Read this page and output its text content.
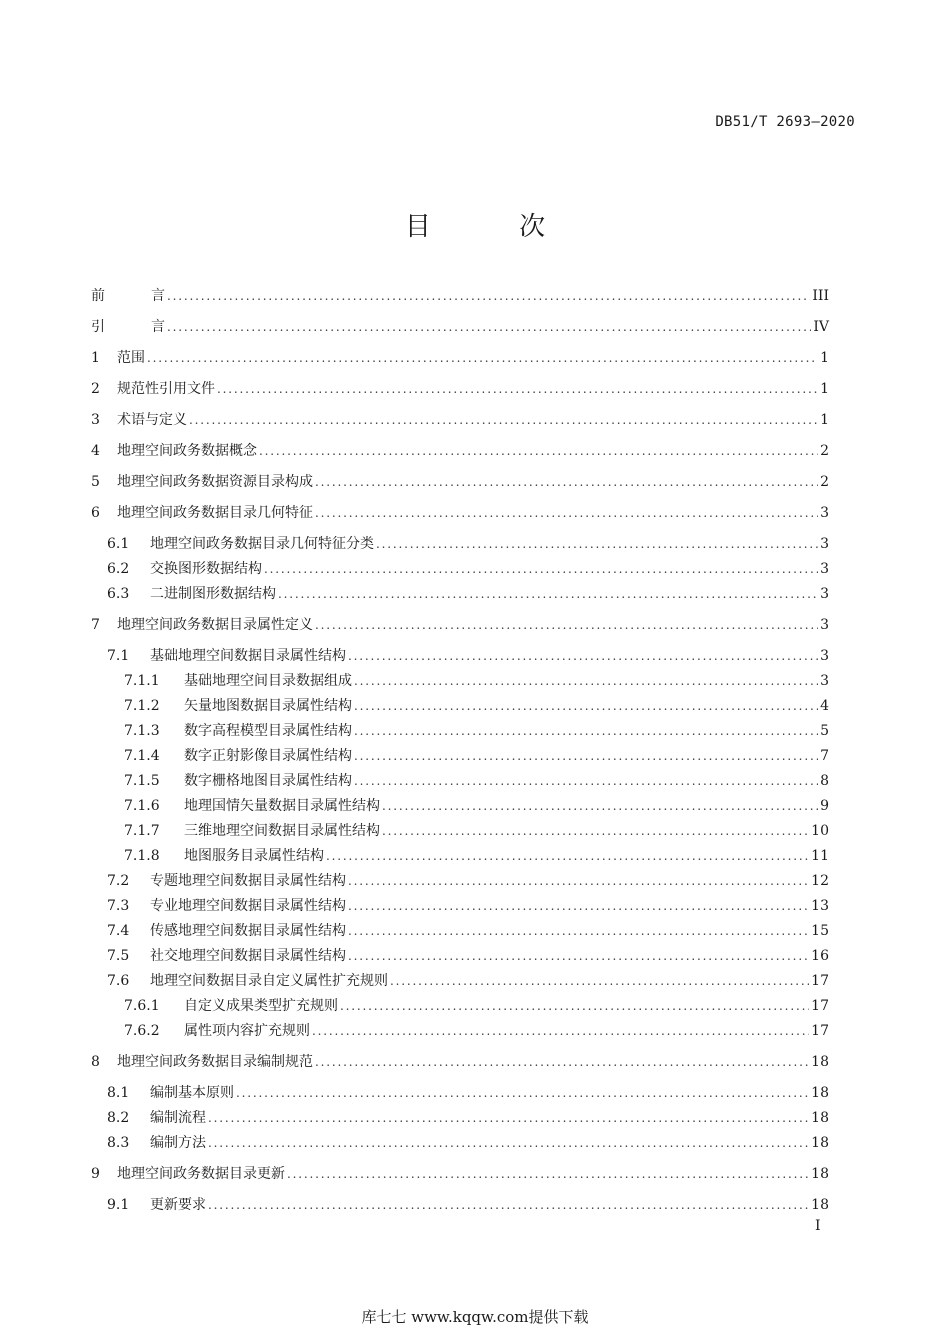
DB51/T 2693—2020
目 次
前	言 . . .	III
引	言 . . .	IV
1	范围 . . .	1
2	规范性引用文件 . . .	1
3	术语与定义 . . .	1
4	地理空间政务数据概念 . . .	2
5	地理空间政务数据资源目录构成 . . .	2
6	地理空间政务数据目录几何特征 . . .	3
6.1	地理空间政务数据目录几何特征分类 . . .	3
6.2	交换图形数据结构 . . .	3
6.3	二进制图形数据结构 . . .	3
7	地理空间政务数据目录属性定义 . . .	3
7.1	基础地理空间数据目录属性结构 . . .	3
7.1.1	基础地理空间目录数据组成 . . .	3
7.1.2	矢量地图数据目录属性结构 . . .	4
7.1.3	数字高程模型目录属性结构 . . .	5
7.1.4	数字正射影像目录属性结构 . . .	7
7.1.5	数字栅格地图目录属性结构 . . .	8
7.1.6	地理国情矢量数据目录属性结构 . . .	9
7.1.7	三维地理空间数据目录属性结构 . . .	10
7.1.8	地图服务目录属性结构 . . .	11
7.2	专题地理空间数据目录属性结构 . . .	12
7.3	专业地理空间数据目录属性结构 . . .	13
7.4	传感地理空间数据目录属性结构 . . .	15
7.5	社交地理空间数据目录属性结构 . . .	16
7.6	地理空间数据目录自定义属性扩充规则 . . .	17
7.6.1	自定义成果类型扩充规则 . . .	17
7.6.2	属性项内容扩充规则 . . .	17
8	地理空间政务数据目录编制规范 . . .	18
8.1	编制基本原则 . . .	18
8.2	编制流程 . . .	18
8.3	编制方法 . . .	18
9	地理空间政务数据目录更新 . . .	18
9.1	更新要求 . . .	18
I
库七七 www.kqqw.com提供下载
